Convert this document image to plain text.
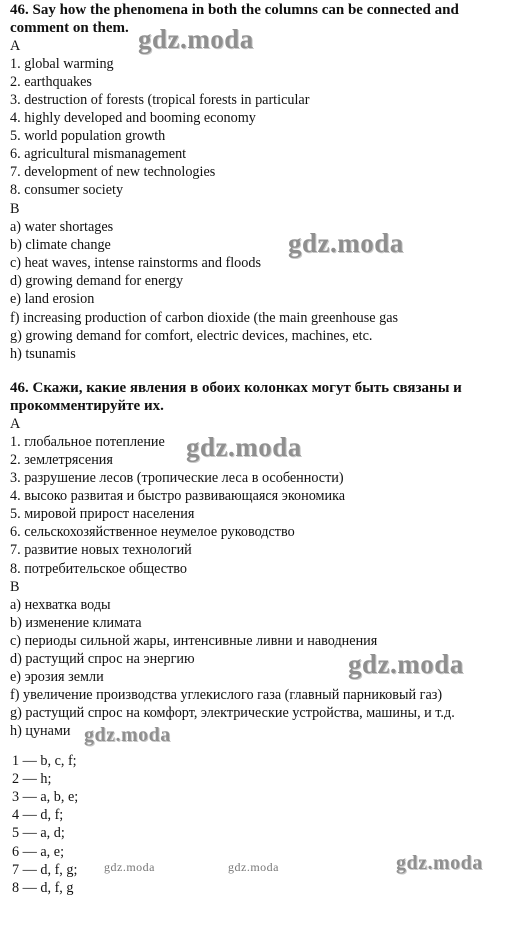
46. Say how the phenomena in both the columns can be connected and
comment on them.
A
1. global warming
2. earthquakes
3. destruction of forests (tropical forests in particular
4. highly developed and booming economy
5. world population growth
6. agricultural mismanagement
7. development of new technologies
8. consumer society
B
a) water shortages
b) climate change
c) heat waves, intense rainstorms and floods
d) growing demand for energy
e) land erosion
f) increasing production of carbon dioxide (the main greenhouse gas
g) growing demand for comfort, electric devices, machines, etc.
h) tsunamis
46. Скажи, какие явления в обоих колонках могут быть связаны и
прокомментируйте их.
A
1. глобальное потепление
2. землетрясения
3. разрушение лесов (тропические леса в особенности)
4. высоко развитая и быстро развивающаяся экономика
5. мировой прирост населения
6. сельскохозяйственное неумелое руководство
7. развитие новых технологий
8. потребительское общество
B
a) нехватка воды
b) изменение климата
c) периоды сильной жары, интенсивные ливни и наводнения
d) растущий спрос на энергию
e) эрозия земли
f) увеличение производства углекислого газа (главный парниковый газ)
g) растущий спрос на комфорт, электрические устройства, машины, и т.д.
h) цунами
1 — b, c, f;
2 — h;
3 — a, b, e;
4 — d, f;
5 — a, d;
6 — a, e;
7 — d, f, g;
8 — d, f, g
gdz.moda
gdz.moda
gdz.moda
gdz.moda
gdz.moda
gdz.moda	gdz.moda	gdz.moda
